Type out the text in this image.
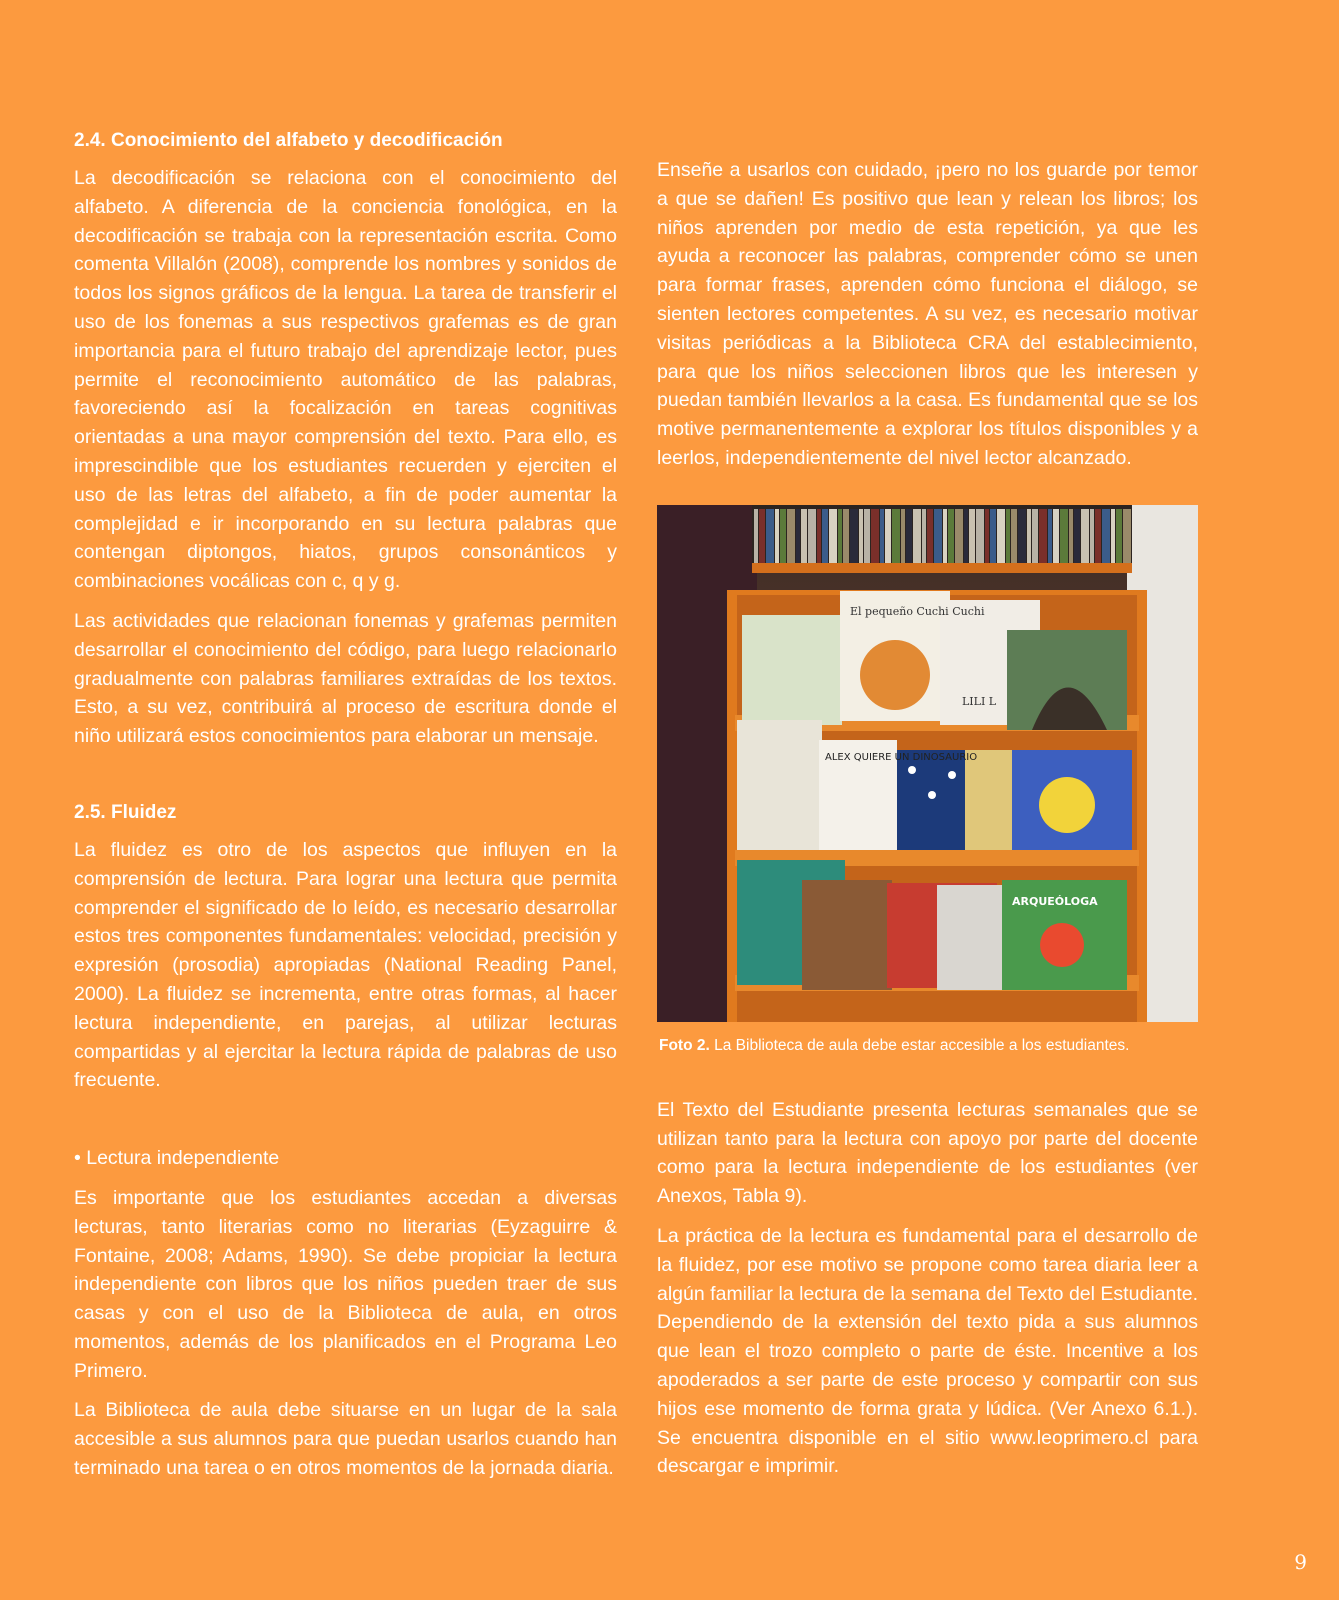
2.4. Conocimiento del alfabeto y decodificación

La decodificación se relaciona con el conocimiento del alfabeto. A diferencia de la conciencia fonológica, en la decodificación se trabaja con la representación escrita. Como comenta Villalón (2008), comprende los nombres y sonidos de todos los signos gráficos de la lengua. La tarea de transferir el uso de los fonemas a sus respectivos grafemas es de gran importancia para el futuro trabajo del aprendizaje lector, pues permite el reconocimiento automático de las palabras, favoreciendo así la focalización en tareas cognitivas orientadas a una mayor comprensión del texto. Para ello, es imprescindible que los estudiantes recuerden y ejerciten el uso de las letras del alfabeto, a fin de poder aumentar la complejidad e ir incorporando en su lectura palabras que contengan diptongos, hiatos, grupos consonánticos y combinaciones vocálicas con c, q y g.

Las actividades que relacionan fonemas y grafemas permiten desarrollar el conocimiento del código, para luego relacionarlo gradualmente con palabras familiares extraídas de los textos. Esto, a su vez, contribuirá al proceso de escritura donde el niño utilizará estos conocimientos para elaborar un mensaje.

2.5. Fluidez

La fluidez es otro de los aspectos que influyen en la comprensión de lectura. Para lograr una lectura que permita comprender el significado de lo leído, es necesario desarrollar estos tres componentes fundamentales: velocidad, precisión y expresión (prosodia) apropiadas (National Reading Panel, 2000). La fluidez se incrementa, entre otras formas, al hacer lectura independiente, en parejas, al utilizar lecturas compartidas y al ejercitar la lectura rápida de palabras de uso frecuente.

• Lectura independiente

Es importante que los estudiantes accedan a diversas lecturas, tanto literarias como no literarias (Eyzaguirre & Fontaine, 2008; Adams, 1990). Se debe propiciar la lectura independiente con libros que los niños pueden traer de sus casas y con el uso de la Biblioteca de aula, en otros momentos, además de los planificados en el Programa Leo Primero.

La Biblioteca de aula debe situarse en un lugar de la sala accesible a sus alumnos para que puedan usarlos cuando han terminado una tarea o en otros momentos de la jornada diaria.

Enseñe a usarlos con cuidado, ¡pero no los guarde por temor a que se dañen! Es positivo que lean y relean los libros; los niños aprenden por medio de esta repetición, ya que les ayuda a reconocer las palabras, comprender cómo se unen para formar frases, aprenden cómo funciona el diálogo, se sienten lectores competentes. A su vez, es necesario motivar visitas periódicas a la Biblioteca CRA del establecimiento, para que los niños seleccionen libros que les interesen y puedan también llevarlos a la casa. Es fundamental que se los motive permanentemente a explorar los títulos disponibles y a leerlos, independientemente del nivel lector alcanzado.

El pequeño Cuchi Cuchi
LILI L
ALEX QUIERE UN DINOSAURIO
ARQUEÓLOGA
Foto 2. La Biblioteca de aula debe estar accesible a los estudiantes.

El Texto del Estudiante presenta lecturas semanales que se utilizan tanto para la lectura con apoyo por parte del docente como para la lectura independiente de los estudiantes (ver Anexos, Tabla 9).

La práctica de la lectura es fundamental para el desarrollo de la fluidez, por ese motivo se propone como tarea diaria leer a algún familiar la lectura de la semana del Texto del Estudiante. Dependiendo de la extensión del texto pida a sus alumnos que lean el trozo completo o parte de éste. Incentive a los apoderados a ser parte de este proceso y compartir con sus hijos ese momento de forma grata y lúdica. (Ver Anexo 6.1.). Se encuentra disponible en el sitio www.leoprimero.cl para descargar e imprimir.

9
